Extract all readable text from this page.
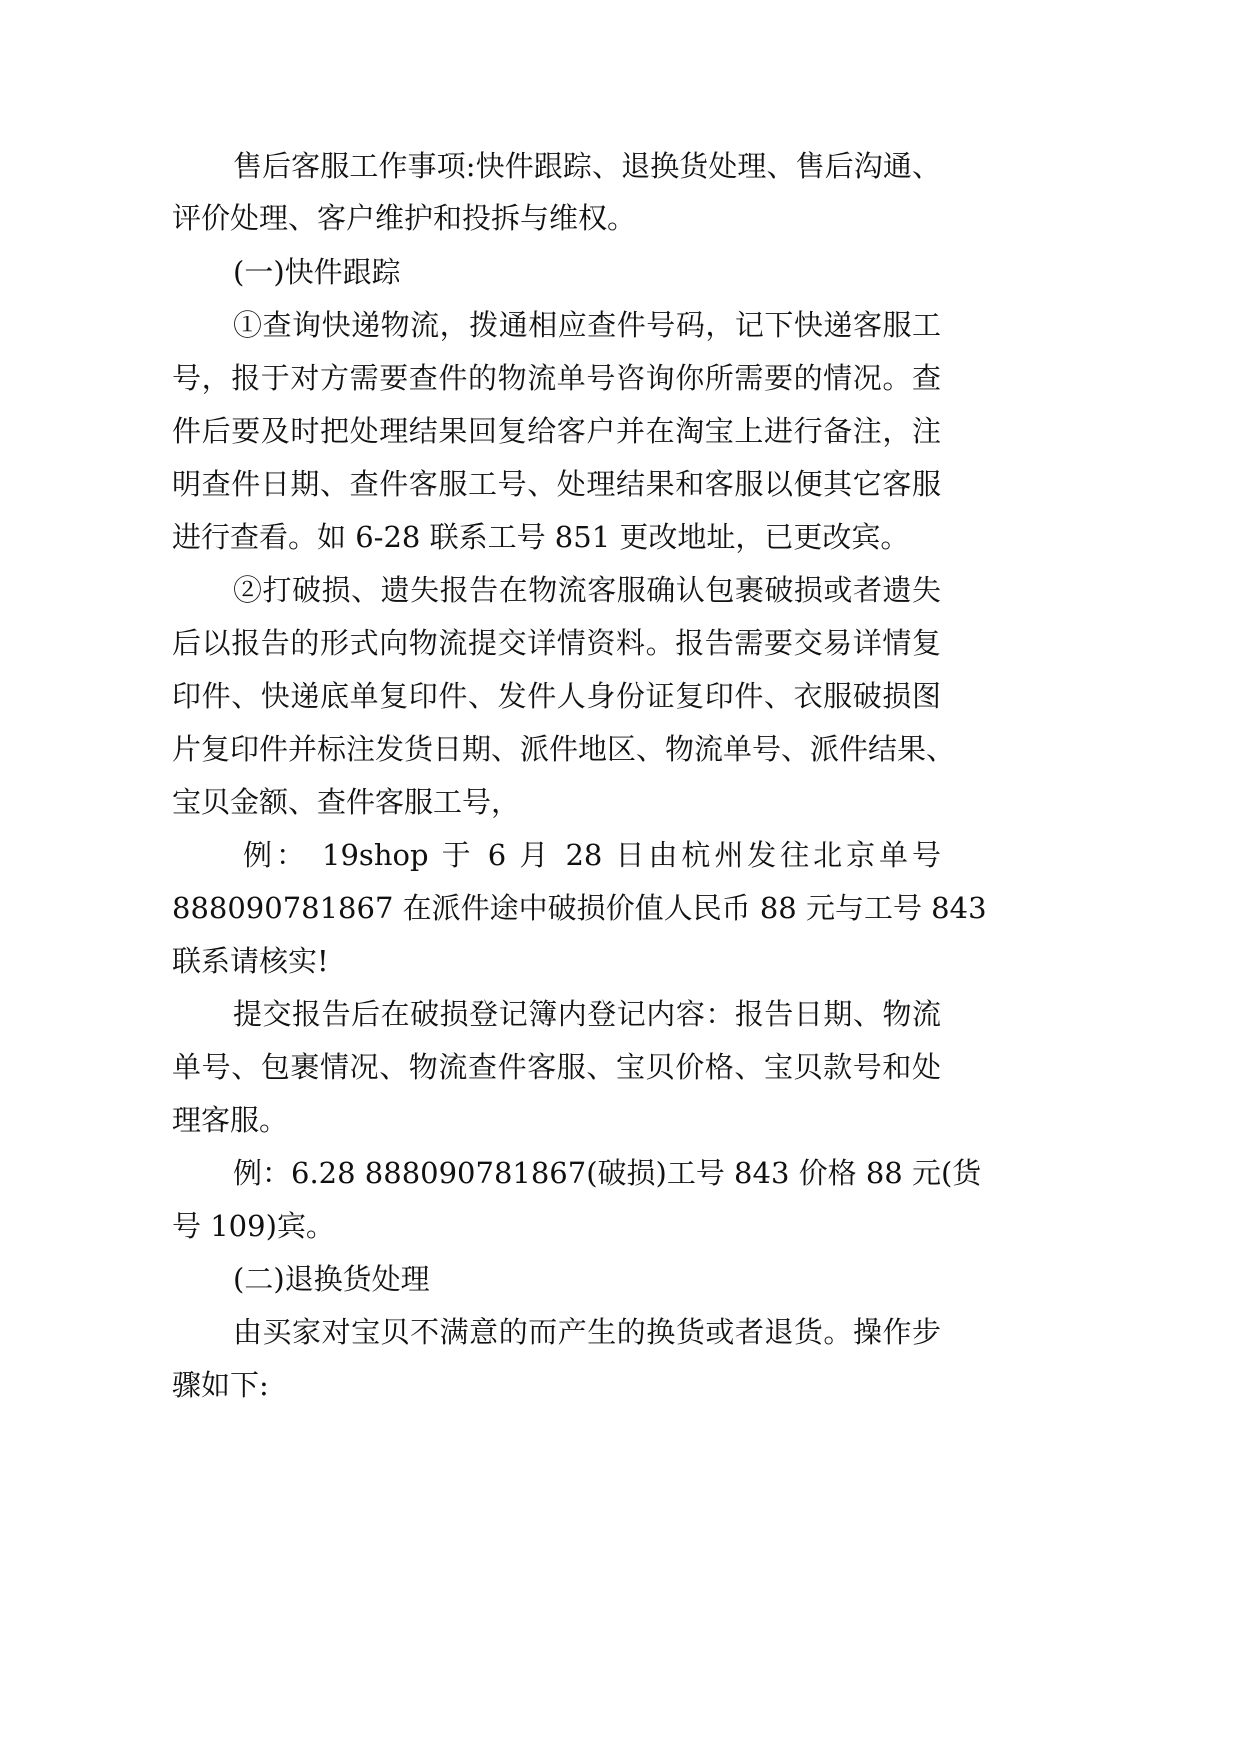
售后客服工作事项:快件跟踪、退换货处理、售后沟通、
评价处理、客户维护和投拆与维权。
(一)快件跟踪
①查询快递物流，拨通相应查件号码，记下快递客服工
号，报于对方需要查件的物流单号咨询你所需要的情况。查
件后要及时把处理结果回复给客户并在淘宝上进行备注，注
明查件日期、查件客服工号、处理结果和客服以便其它客服
进行查看。如 6-28 联系工号 851 更改地址，已更改宾。
②打破损、遗失报告在物流客服确认包裹破损或者遗失
后以报告的形式向物流提交详情资料。报告需要交易详情复
印件、快递底单复印件、发件人身份证复印件、衣服破损图
片复印件并标注发货日期、派件地区、物流单号、派件结果、
宝贝金额、查件客服工号，
例： 19shop 于 6 月 28 日由杭州发往北京单号
888090781867 在派件途中破损价值人民币 88 元与工号 843
联系请核实!
提交报告后在破损登记簿内登记内容：报告日期、物流
单号、包裹情况、物流查件客服、宝贝价格、宝贝款号和处
理客服。
例：6.28 888090781867(破损)工号 843 价格 88 元(货
号 109)宾。
(二)退换货处理
由买家对宝贝不满意的而产生的换货或者退货。操作步
骤如下:
